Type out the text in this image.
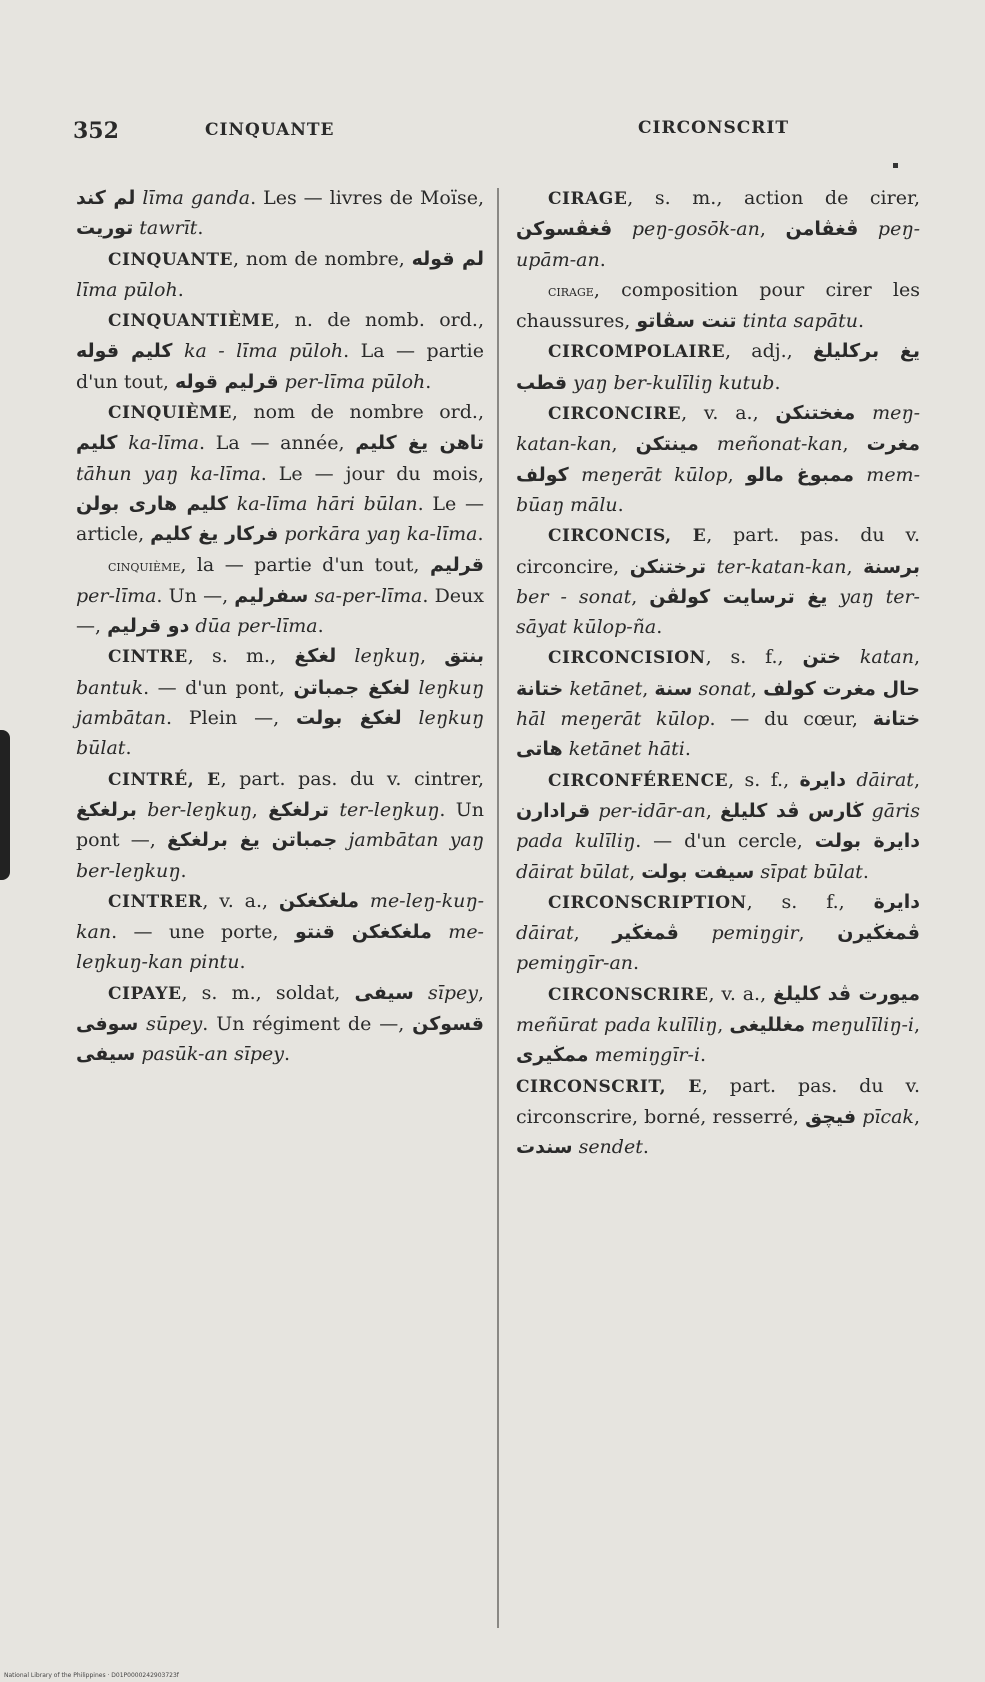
352	CINQUANTE	CIRCONSCRIT

لم كند līma ganda. Les — livres de Moïse, توريت tawrīt.

CINQUANTE, nom de nombre, لم قوله līma pūloh.

CINQUANTIÈME, n. de nomb. ord., كليم قوله ka - līma pūloh. La — partie d'un tout, قرليم قوله per-līma pūloh.

CINQUIÈME, nom de nombre ord., كليم ka-līma. La — année, تاهن يغ كليم tāhun yaŋ ka-līma. Le — jour du mois, كليم هارى بولن ka-līma hāri būlan. Le — article, فركار يغ كليم porkāra yaŋ ka-līma.

cinquième, la — partie d'un tout, قرليم per-līma. Un —, سفرليم sa-per-līma. Deux —, دو قرليم dūa per-līma.

CINTRE, s. m., لغكغ leŋkuŋ, بنتق bantuk. — d'un pont, لغكغ جمباتن leŋkuŋ jambātan. Plein —, لغكغ بولت leŋkuŋ būlat.

CINTRÉ, E, part. pas. du v. cintrer, برلغكغ ber-leŋkuŋ, ترلغكغ ter-leŋkuŋ. Un pont —, جمباتن يغ برلغكغ jambātan yaŋ ber-leŋkuŋ.

CINTRER, v. a., ملغكغكن me-leŋ-kuŋ-kan. — une porte, ملغكغكن قنتو me-leŋkuŋ-kan pintu.

CIPAYE, s. m., soldat, سيفى sīpey, سوفى sūpey. Un régiment de —, قسوكن سيفى pasūk-an sīpey.

CIRAGE, s. m., action de cirer, ڤغڤسوكن peŋ-gosōk-an, ڤغڤامن peŋ-upām-an.

cirage, composition pour cirer les chaussures, تنت سڤاتو tinta sapātu.

CIRCOMPOLAIRE, adj., يغ بركليلغ قطب yaŋ ber-kulīliŋ kutub.

CIRCONCIRE, v. a., مغختنكن meŋ-katan-kan, مينتكن meñonat-kan, مغرت كولف meŋerāt kūlop, ممبوغ مالو mem-būaŋ mālu.

CIRCONCIS, E, part. pas. du v. circoncire, ترختنكن ter-katan-kan, برسنة ber - sonat, يغ ترسايت كولڤن yaŋ ter-sāyat kūlop-ña.

CIRCONCISION, s. f., ختن katan, ختانة ketānet, سنة sonat, حال مغرت كولف hāl meŋerāt kūlop. — du cœur, ختانة هاتى ketānet hāti.

CIRCONFÉRENCE, s. f., دايرة dāirat, قرادارن per-idār-an, ڬارس ڤد كليلغ gāris pada kulīliŋ. — d'un cercle, دايرة بولت dāirat būlat, سيفت بولت sīpat būlat.

CIRCONSCRIPTION, s. f., دايرة dāirat, ڤمغڬير pemiŋgir, ڤمغڬيرن pemiŋgīr-an.

CIRCONSCRIRE, v. a., ميورت ڤد كليلغ meñūrat pada kulīliŋ, مغلليغى meŋulīliŋ-i, ممڬيرى memiŋgīr-i.

CIRCONSCRIT, E, part. pas. du v. circonscrire, borné, resserré, فيچق pīcak, سندت sendet.

National Library of the Philippines · D01P0000242903723f
